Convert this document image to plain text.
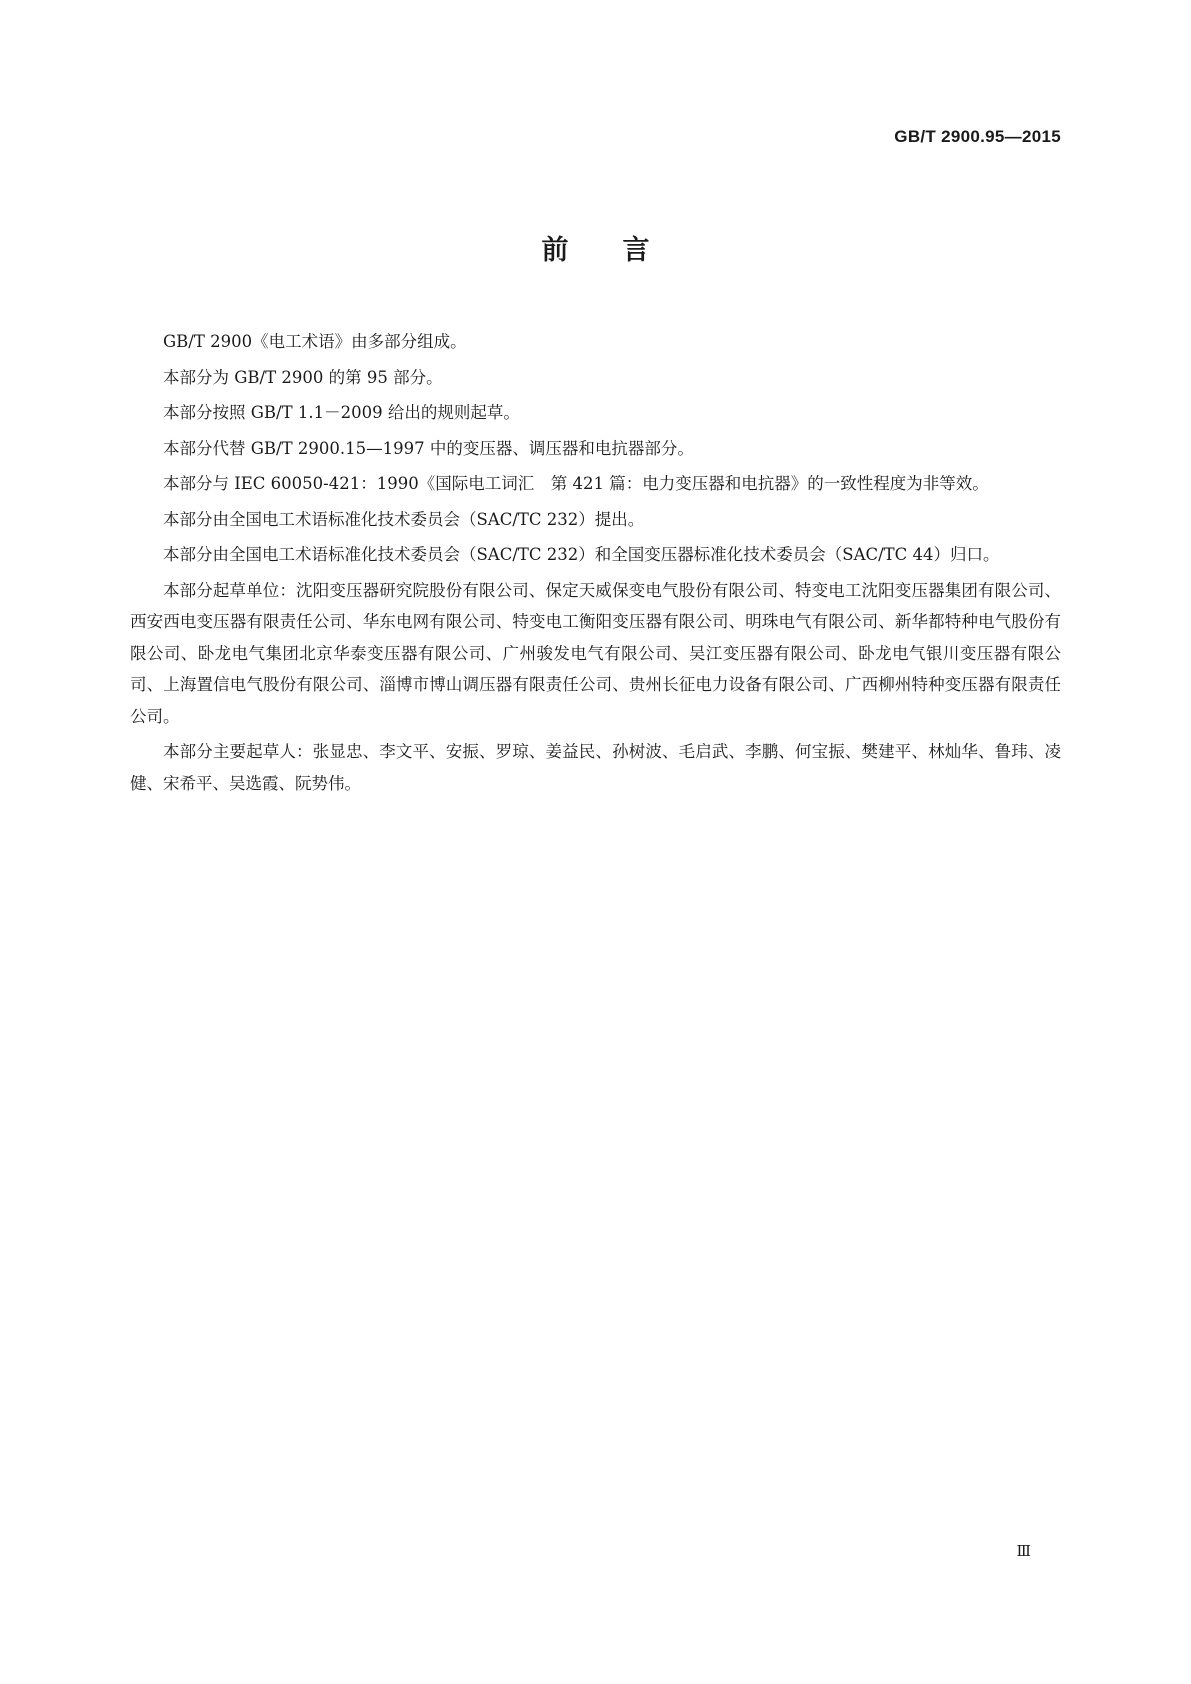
GB/T 2900.95—2015
前言

GB/T 2900《电工术语》由多部分组成。

本部分为 GB/T 2900 的第 95 部分。

本部分按照 GB/T 1.1－2009 给出的规则起草。

本部分代替 GB/T 2900.15—1997 中的变压器、调压器和电抗器部分。

本部分与 IEC 60050-421：1990《国际电工词汇　第 421 篇：电力变压器和电抗器》的一致性程度为非等效。

本部分由全国电工术语标准化技术委员会（SAC/TC 232）提出。

本部分由全国电工术语标准化技术委员会（SAC/TC 232）和全国变压器标准化技术委员会（SAC/TC 44）归口。

本部分起草单位：沈阳变压器研究院股份有限公司、保定天威保变电气股份有限公司、特变电工沈阳变压器集团有限公司、西安西电变压器有限责任公司、华东电网有限公司、特变电工衡阳变压器有限公司、明珠电气有限公司、新华都特种电气股份有限公司、卧龙电气集团北京华泰变压器有限公司、广州骏发电气有限公司、吴江变压器有限公司、卧龙电气银川变压器有限公司、上海置信电气股份有限公司、淄博市博山调压器有限责任公司、贵州长征电力设备有限公司、广西柳州特种变压器有限责任公司。

本部分主要起草人：张显忠、李文平、安振、罗琼、姜益民、孙树波、毛启武、李鹏、何宝振、樊建平、林灿华、鲁玮、凌健、宋希平、吴选霞、阮势伟。

Ⅲ
